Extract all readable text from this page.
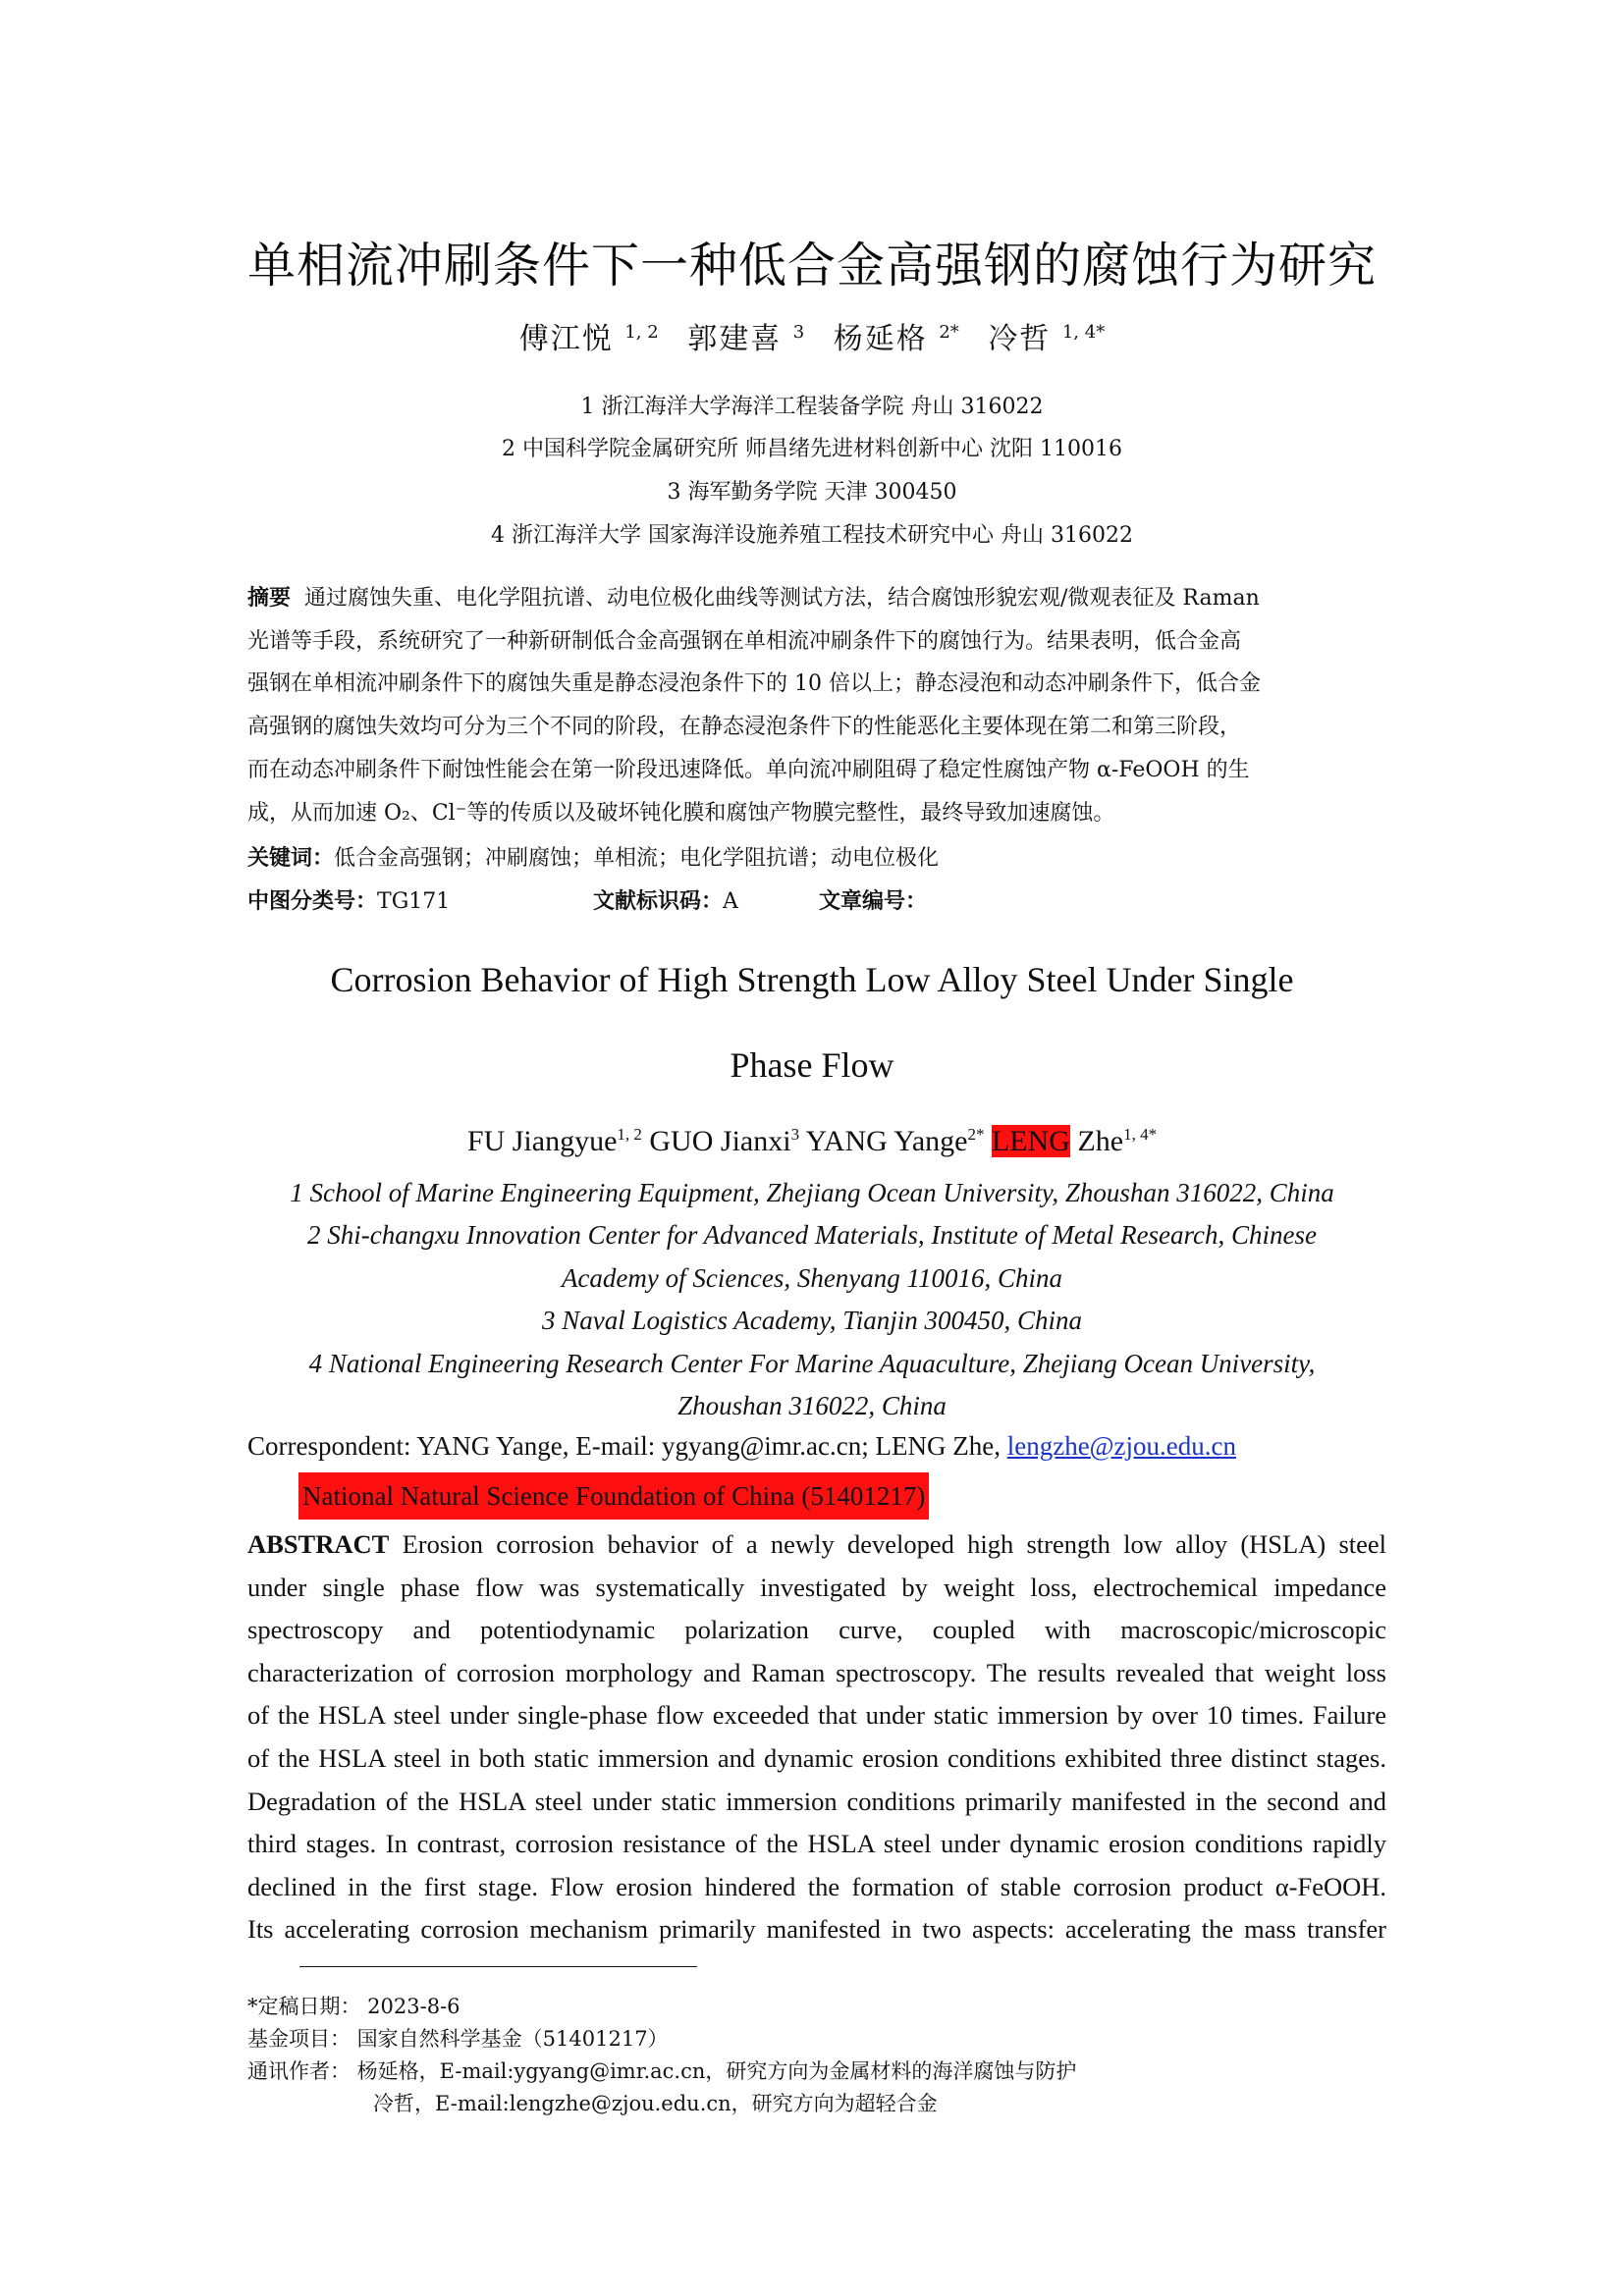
单相流冲刷条件下一种低合金高强钢的腐蚀行为研究
傅江悦 $^{1, 2}$ 郭建喜 $^3$ 杨延格 $^{2*}$ 冷哲 $^{1, 4*}$
1 浙江海洋大学海洋工程装备学院 舟山 316022
2 中国科学院金属研究所 师昌绪先进材料创新中心 沈阳 110016
3 海军勤务学院 天津 300450
4 浙江海洋大学 国家海洋设施养殖工程技术研究中心 舟山 316022
摘要 通过腐蚀失重、电化学阻抗谱、动电位极化曲线等测试方法，结合腐蚀形貌宏观/微观表征及 Raman
光谱等手段，系统研究了一种新研制低合金高强钢在单相流冲刷条件下的腐蚀行为。结果表明，低合金高
强钢在单相流冲刷条件下的腐蚀失重是静态浸泡条件下的 10 倍以上；静态浸泡和动态冲刷条件下，低合金
高强钢的腐蚀失效均可分为三个不同的阶段，在静态浸泡条件下的性能恶化主要体现在第二和第三阶段，
而在动态冲刷条件下耐蚀性能会在第一阶段迅速降低。单向流冲刷阻碍了稳定性腐蚀产物 α-FeOOH 的生
成，从而加速 O₂、Cl⁻等的传质以及破坏钝化膜和腐蚀产物膜完整性，最终导致加速腐蚀。
关键词：低合金高强钢；冲刷腐蚀；单相流；电化学阻抗谱；动电位极化
中图分类号：TG171	文献标识码：A	文章编号：
Corrosion Behavior of High Strength Low Alloy Steel Under Single
Phase Flow
FU Jiangyue$^{1, 2}$ GUO Jianxi$^3$ YANG Yange$^{2*}$ LENG Zhe$^{1, 4*}$
1 School of Marine Engineering Equipment, Zhejiang Ocean University, Zhoushan 316022, China
2 Shi-changxu Innovation Center for Advanced Materials, Institute of Metal Research, Chinese
Academy of Sciences, Shenyang 110016, China
3 Naval Logistics Academy, Tianjin 300450, China
4 National Engineering Research Center For Marine Aquaculture, Zhejiang Ocean University,
Zhoushan 316022, China
Correspondent: YANG Yange, E-mail: ygyang@imr.ac.cn; LENG Zhe, lengzhe@zjou.edu.cn
National Natural Science Foundation of China (51401217)
ABSTRACT Erosion corrosion behavior of a newly developed high strength low alloy (HSLA) steel
under single phase flow was systematically investigated by weight loss, electrochemical impedance
spectroscopy and potentiodynamic polarization curve, coupled with macroscopic/microscopic
characterization of corrosion morphology and Raman spectroscopy. The results revealed that weight loss
of the HSLA steel under single-phase flow exceeded that under static immersion by over 10 times. Failure
of the HSLA steel in both static immersion and dynamic erosion conditions exhibited three distinct stages.
Degradation of the HSLA steel under static immersion conditions primarily manifested in the second and
third stages. In contrast, corrosion resistance of the HSLA steel under dynamic erosion conditions rapidly
declined in the first stage. Flow erosion hindered the formation of stable corrosion product α-FeOOH.
Its accelerating corrosion mechanism primarily manifested in two aspects: accelerating the mass transfer
*定稿日期： 2023-8-6
基金项目： 国家自然科学基金（51401217）
通讯作者： 杨延格，E-mail:ygyang@imr.ac.cn，研究方向为金属材料的海洋腐蚀与防护
冷哲，E-mail:lengzhe@zjou.edu.cn，研究方向为超轻合金
